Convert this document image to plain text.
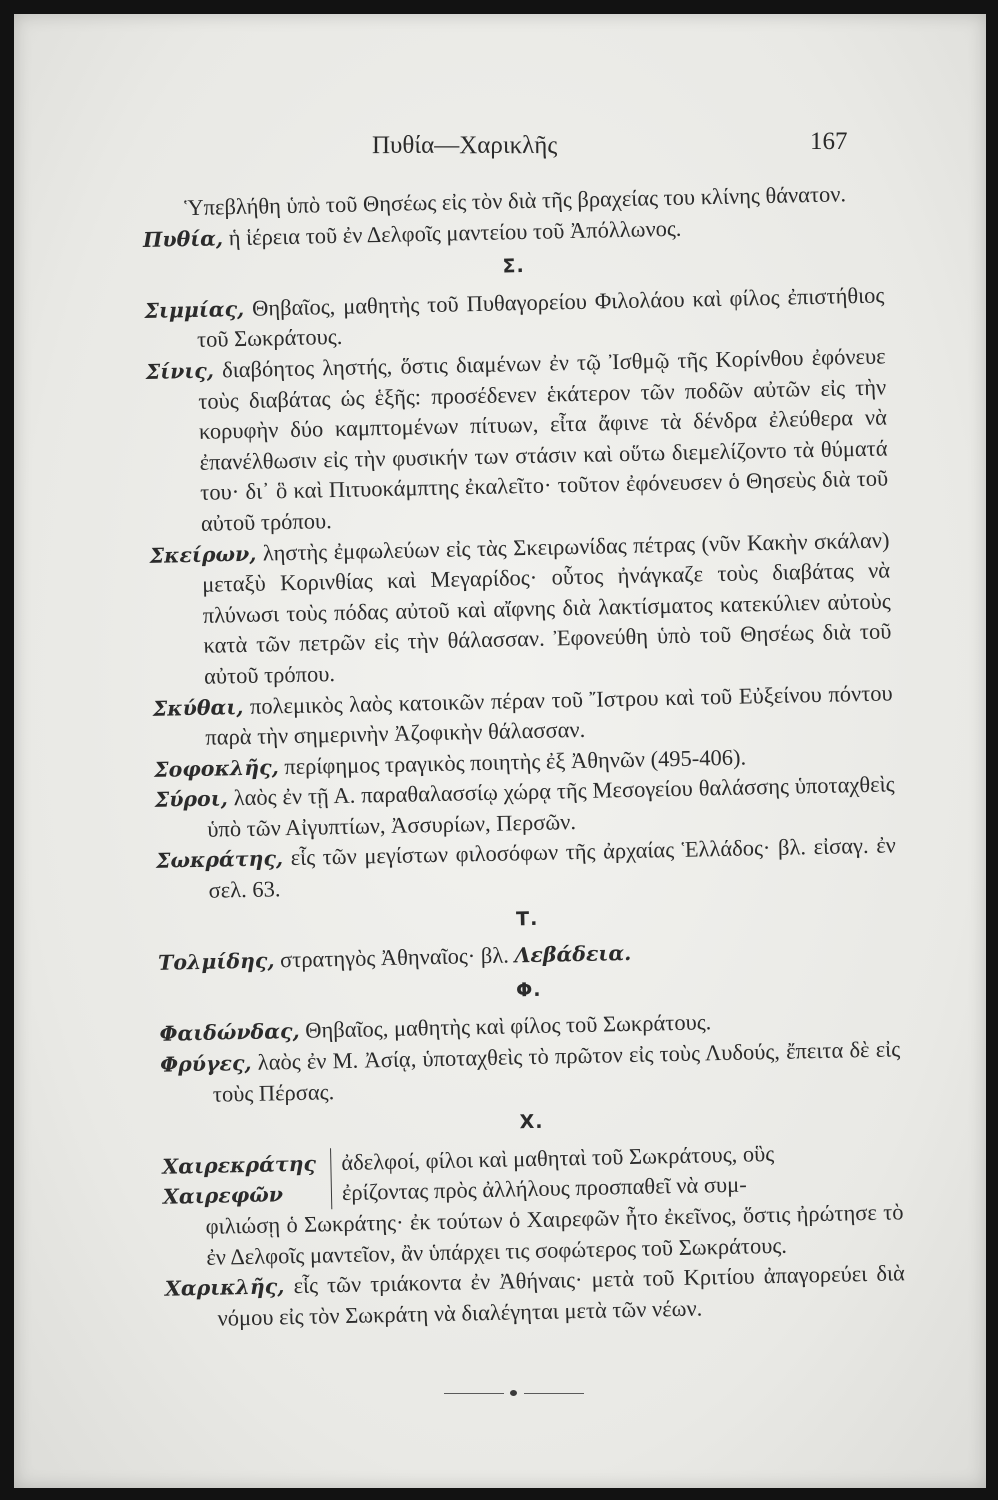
Πυθία—Χαρικλῆς	167

Ὑπεβλήθη ὑπὸ τοῦ Θησέως εἰς τὸν διὰ τῆς βραχείας του κλίνης θάνατον.

Πυθία, ἡ ἱέρεια τοῦ ἐν Δελφοῖς μαντείου τοῦ Ἀπόλλωνος.

Σ.

Σιμμίας, Θηβαῖος, μαθητὴς τοῦ Πυθαγορείου Φιλολάου καὶ φίλος ἐπιστήθιος τοῦ Σωκράτους.

Σίνις, διαβόητος ληστής, ὅστις διαμένων ἐν τῷ Ἰσθμῷ τῆς Κορίνθου ἐφόνευε τοὺς διαβάτας ὡς ἑξῆς: προσέδενεν ἑκάτερον τῶν ποδῶν αὐτῶν εἰς τὴν κορυφὴν δύο καμπτομένων πίτυων, εἶτα ἄφινε τὰ δένδρα ἐλεύθερα νὰ ἐπανέλθωσιν εἰς τὴν φυσικήν των στάσιν καὶ οὕτω διεμελίζοντο τὰ θύματά του· δι᾽ ὃ καὶ Πιτυοκάμπτης ἐκαλεῖτο· τοῦτον ἐφόνευσεν ὁ Θησεὺς διὰ τοῦ αὐτοῦ τρόπου.

Σκείρων, ληστὴς ἐμφωλεύων εἰς τὰς Σκειρωνίδας πέτρας (νῦν Κακὴν σκάλαν) μεταξὺ Κορινθίας καὶ Μεγαρίδος· οὗτος ἠνάγκαζε τοὺς διαβάτας νὰ πλύνωσι τοὺς πόδας αὐτοῦ καὶ αἴφνης διὰ λακτίσματος κατεκύλιεν αὐτοὺς κατὰ τῶν πετρῶν εἰς τὴν θάλασσαν. Ἐφονεύθη ὑπὸ τοῦ Θησέως διὰ τοῦ αὐτοῦ τρόπου.

Σκύθαι, πολεμικὸς λαὸς κατοικῶν πέραν τοῦ Ἴστρου καὶ τοῦ Εὐξείνου πόντου παρὰ τὴν σημερινὴν Ἀζοφικὴν θάλασσαν.

Σοφοκλῆς, περίφημος τραγικὸς ποιητὴς ἐξ Ἀθηνῶν (495-406).

Σύροι, λαὸς ἐν τῇ Α. παραθαλασσίῳ χώρᾳ τῆς Μεσογείου θαλάσσης ὑποταχθεὶς ὑπὸ τῶν Αἰγυπτίων, Ἀσσυρίων, Περσῶν.

Σωκράτης, εἷς τῶν μεγίστων φιλοσόφων τῆς ἀρχαίας Ἑλλάδος· βλ. εἰσαγ. ἐν σελ. 63.

Τ.

Τολμίδης, στρατηγὸς Ἀθηναῖος· βλ. Λεβάδεια.

Φ.

Φαιδώνδας, Θηβαῖος, μαθητὴς καὶ φίλος τοῦ Σωκράτους.

Φρύγες, λαὸς ἐν Μ. Ἀσίᾳ, ὑποταχθεὶς τὸ πρῶτον εἰς τοὺς Λυδούς, ἔπειτα δὲ εἰς τοὺς Πέρσας.

Χ.
Χαιρεκράτης
Χαιρεφῶν
ἀδελφοί, φίλοι καὶ μαθηταὶ τοῦ Σωκράτους, οὓς
ἐρίζοντας πρὸς ἀλλήλους προσπαθεῖ νὰ συμ-
φιλιώσῃ ὁ Σωκράτης· ἐκ τούτων ὁ Χαιρεφῶν ἦτο ἐκεῖνος, ὅστις ἠρώτησε τὸ ἐν Δελφοῖς μαντεῖον, ἂν ὑπάρχει τις σοφώτερος τοῦ Σωκράτους.

Χαρικλῆς, εἷς τῶν τριάκοντα ἐν Ἀθήναις· μετὰ τοῦ Κριτίου ἀπαγορεύει διὰ νόμου εἰς τὸν Σωκράτη νὰ διαλέγηται μετὰ τῶν νέων.
